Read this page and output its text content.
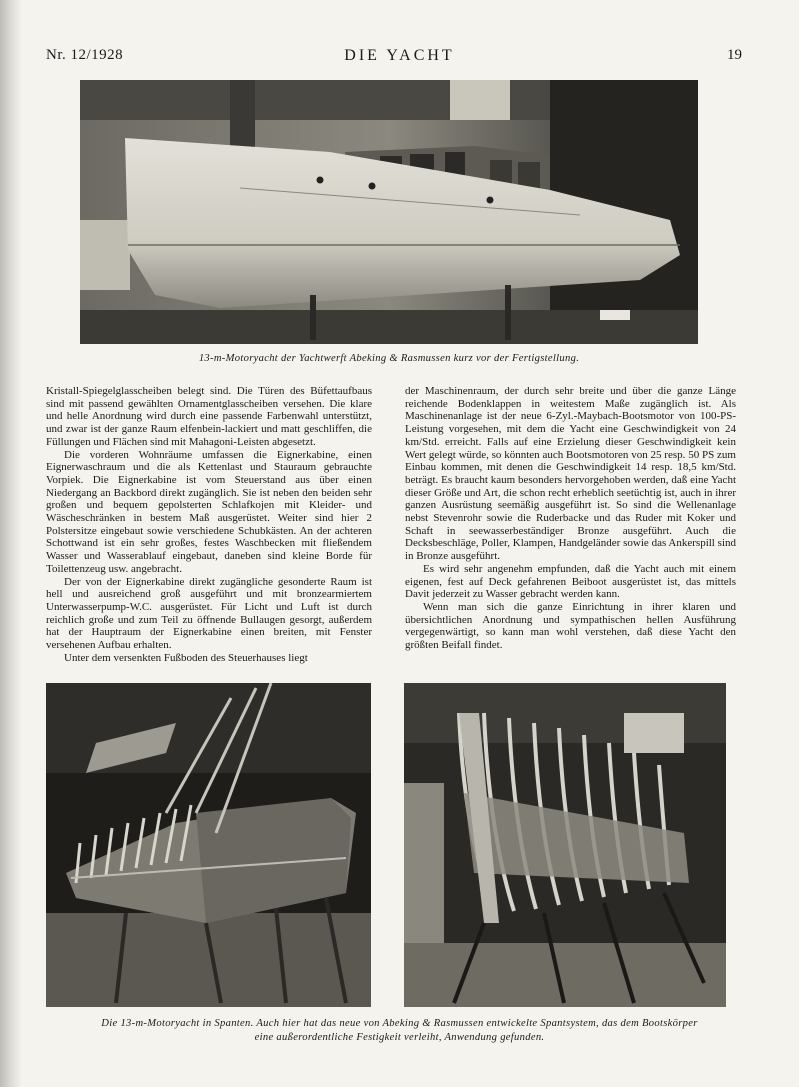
Nr. 12/1928	DIE YACHT	19
13-m-Motoryacht der Yachtwerft Abeking & Rasmussen kurz vor der Fertigstellung.

Kristall-Spiegelglasscheiben belegt sind. Die Türen des Büfettaufbaus sind mit passend gewählten Ornamentglasscheiben versehen. Die klare und helle Anordnung wird durch eine passende Farbenwahl unterstützt, und zwar ist der ganze Raum elfenbein-lackiert und matt geschliffen, die Füllungen und Flächen sind mit Mahagoni-Leisten abgesetzt.

Die vorderen Wohnräume umfassen die Eignerkabine, einen Eignerwaschraum und die als Kettenlast und Stauraum gebrauchte Vorpiek. Die Eignerkabine ist vom Steuerstand aus über einen Niedergang an Backbord direkt zugänglich. Sie ist neben den beiden sehr großen und bequem gepolsterten Schlafkojen mit Kleider- und Wäscheschränken in bestem Maß ausgerüstet. Weiter sind hier 2 Polstersitze eingebaut sowie verschiedene Schubkästen. An der achteren Schottwand ist ein sehr großes, festes Waschbecken mit fließendem Wasser und Wasserablauf eingebaut, daneben sind kleine Borde für Toilettenzeug usw. angebracht.

Der von der Eignerkabine direkt zugängliche gesonderte Raum ist hell und ausreichend groß ausgeführt und mit bronzearmiertem Unterwasserpump-W.C. ausgerüstet. Für Licht und Luft ist durch reichlich große und zum Teil zu öffnende Bullaugen gesorgt, außerdem hat der Hauptraum der Eignerkabine einen breiten, mit Fenster versehenen Aufbau erhalten.

Unter dem versenkten Fußboden des Steuerhauses liegt

der Maschinenraum, der durch sehr breite und über die ganze Länge reichende Bodenklappen in weitestem Maße zugänglich ist. Als Maschinenanlage ist der neue 6-Zyl.-Maybach-Bootsmotor von 100-PS-Leistung vorgesehen, mit dem die Yacht eine Geschwindigkeit von 24 km/Std. erreicht. Falls auf eine Erzielung dieser Geschwindigkeit kein Wert gelegt würde, so könnten auch Bootsmotoren von 25 resp. 50 PS zum Einbau kommen, mit denen die Geschwindigkeit 14 resp. 18,5 km/Std. beträgt. Es braucht kaum besonders hervorgehoben werden, daß eine Yacht dieser Größe und Art, die schon recht erheblich seetüchtig ist, auch in ihrer ganzen Ausrüstung seemäßig ausgeführt ist. So sind die Wellenanlage nebst Stevenrohr sowie die Ruderbacke und das Ruder mit Koker und Schaft in seewasserbeständiger Bronze ausgeführt. Auch die Decksbeschläge, Poller, Klampen, Handgeländer sowie das Ankerspill sind in Bronze ausgeführt.

Es wird sehr angenehm empfunden, daß die Yacht auch mit einem eigenen, fest auf Deck gefahrenen Beiboot ausgerüstet ist, das mittels Davit jederzeit zu Wasser gebracht werden kann.

Wenn man sich die ganze Einrichtung in ihrer klaren und übersichtlichen Anordnung und sympathischen hellen Ausführung vergegenwärtigt, so kann man wohl verstehen, daß diese Yacht den größten Beifall findet.

Die 13-m-Motoryacht in Spanten. Auch hier hat das neue von Abeking & Rasmussen entwickelte Spantsystem, das dem Bootskörper
eine außerordentliche Festigkeit verleiht, Anwendung gefunden.
